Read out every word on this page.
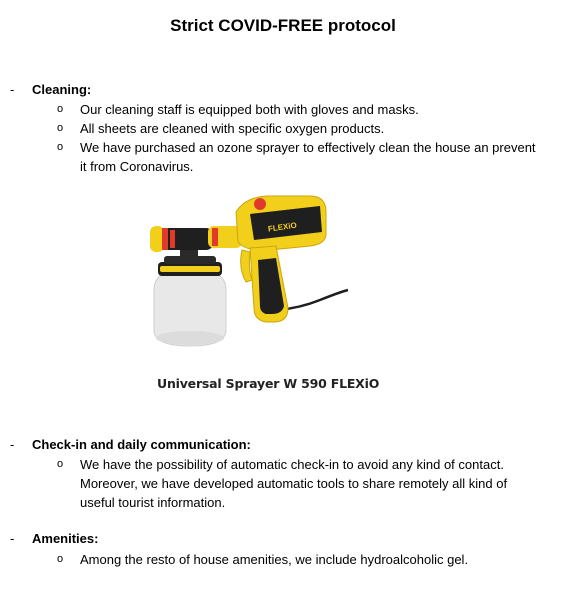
Strict COVID-FREE protocol
- Cleaning:
o Our cleaning staff is equipped both with gloves and masks.
o All sheets are cleaned with specific oxygen products.
o We have purchased an ozone sprayer to effectively clean the house an prevent it from Coronavirus.
FLEXiO
Universal Sprayer W 590 FLEXiO
- Check-in and daily communication:
o We have the possibility of automatic check-in to avoid any kind of contact. Moreover, we have developed automatic tools to share remotely all kind of useful tourist information.
- Amenities:
o Among the resto of house amenities, we include hydroalcoholic gel.
